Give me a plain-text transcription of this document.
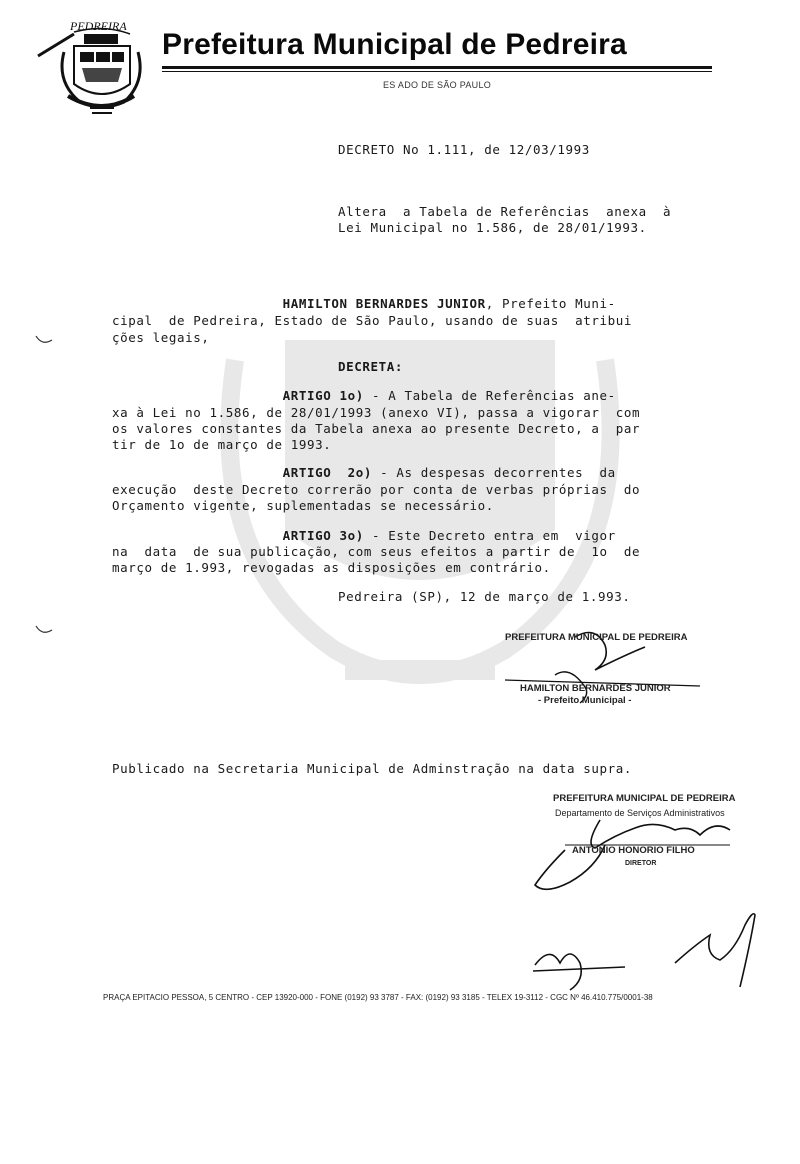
PEDREIRA
Prefeitura Municipal de Pedreira
ES ADO DE SÃO PAULO
DECRETO No 1.111, de 12/03/1993
Altera  a Tabela de Referências  anexa  à
Lei Municipal no 1.586, de 28/01/1993.
HAMILTON BERNARDES JUNIOR, Prefeito Muni-
cipal  de Pedreira, Estado de São Paulo, usando de suas  atribui
ções legais,
DECRETA:
ARTIGO 1o) - A Tabela de Referências ane-
xa à Lei no 1.586, de 28/01/1993 (anexo VI), passa a vigorar  com
os valores constantes da Tabela anexa ao presente Decreto, a  par
tir de 1o de março de 1993.
ARTIGO  2o) - As despesas decorrentes  da
execução  deste Decreto correrão por conta de verbas próprias  do
Orçamento vigente, suplementadas se necessário.
ARTIGO 3o) - Este Decreto entra em  vigor
na  data  de sua publicação, com seus efeitos a partir de  1o  de
março de 1.993, revogadas as disposições em contrário.
Pedreira (SP), 12 de março de 1.993.
PREFEITURA MUNICIPAL DE PEDREIRA
HAMILTON BERNARDES JUNIOR
- Prefeito Municipal -
Publicado na Secretaria Municipal de Adminstração na data supra.
PREFEITURA MUNICIPAL DE PEDREIRA
Departamento de Serviços Administrativos
ANTONIO HONORIO FILHO
DIRETOR
PRAÇA EPITACIO PESSOA, 5 CENTRO - CEP 13920-000 - FONE (0192) 93 3787 - FAX: (0192) 93 3185 - TELEX 19-3112 - CGC Nº 46.410.775/0001-38
